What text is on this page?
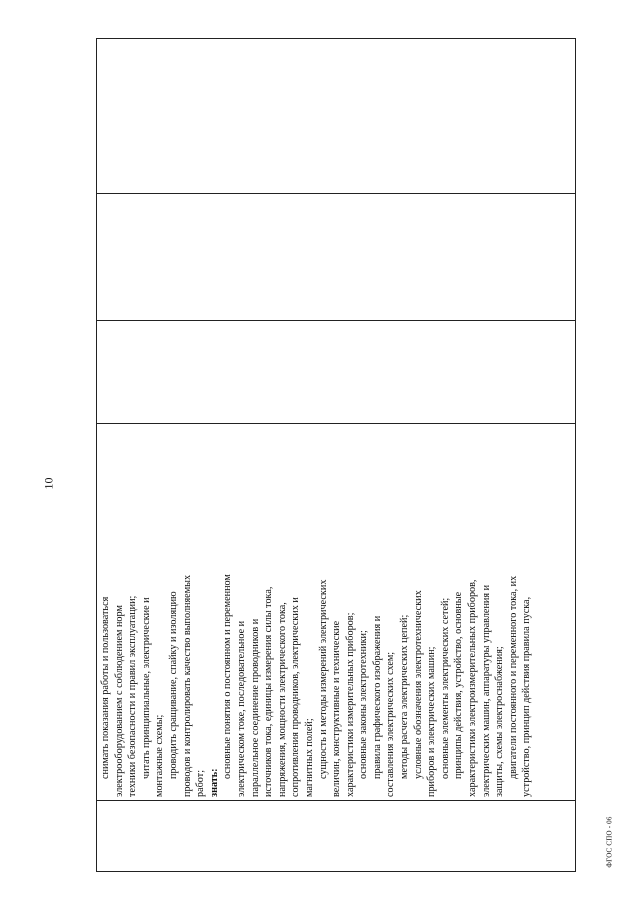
10
ФГОС СПО - 06

снимать показания работы и пользоваться электрооборудованием с соблюдением норм техники безопасности и правил эксплуатации; читать принципиальные, электрические и монтажные схемы; проводить сращивание, спайку и изоляцию проводов и контролировать качество выполняемых работ; знать:
основные понятия о постоянном и переменном электрическом токе, последовательное и параллельное соединение проводников и источников тока, единицы измерения силы тока, напряжения, мощности электрического тока, сопротивления проводников, электрических и магнитных полей; сущность и методы измерений электрических величин, конструктивные и технические характеристики измерительных приборов; основные законы электротехники; правила графического изображения и составления электрических схем; методы расчета электрических цепей; условные обозначения электротехнических приборов и электрических машин; основные элементы электрических сетей; принципы действия, устройство, основные характеристики электроизмерительных приборов, электрических машин, аппаратуры управления и защиты, схемы электроснабжения; двигатели постоянного и переменного тока, их устройство, принцип действия правила пуска,
